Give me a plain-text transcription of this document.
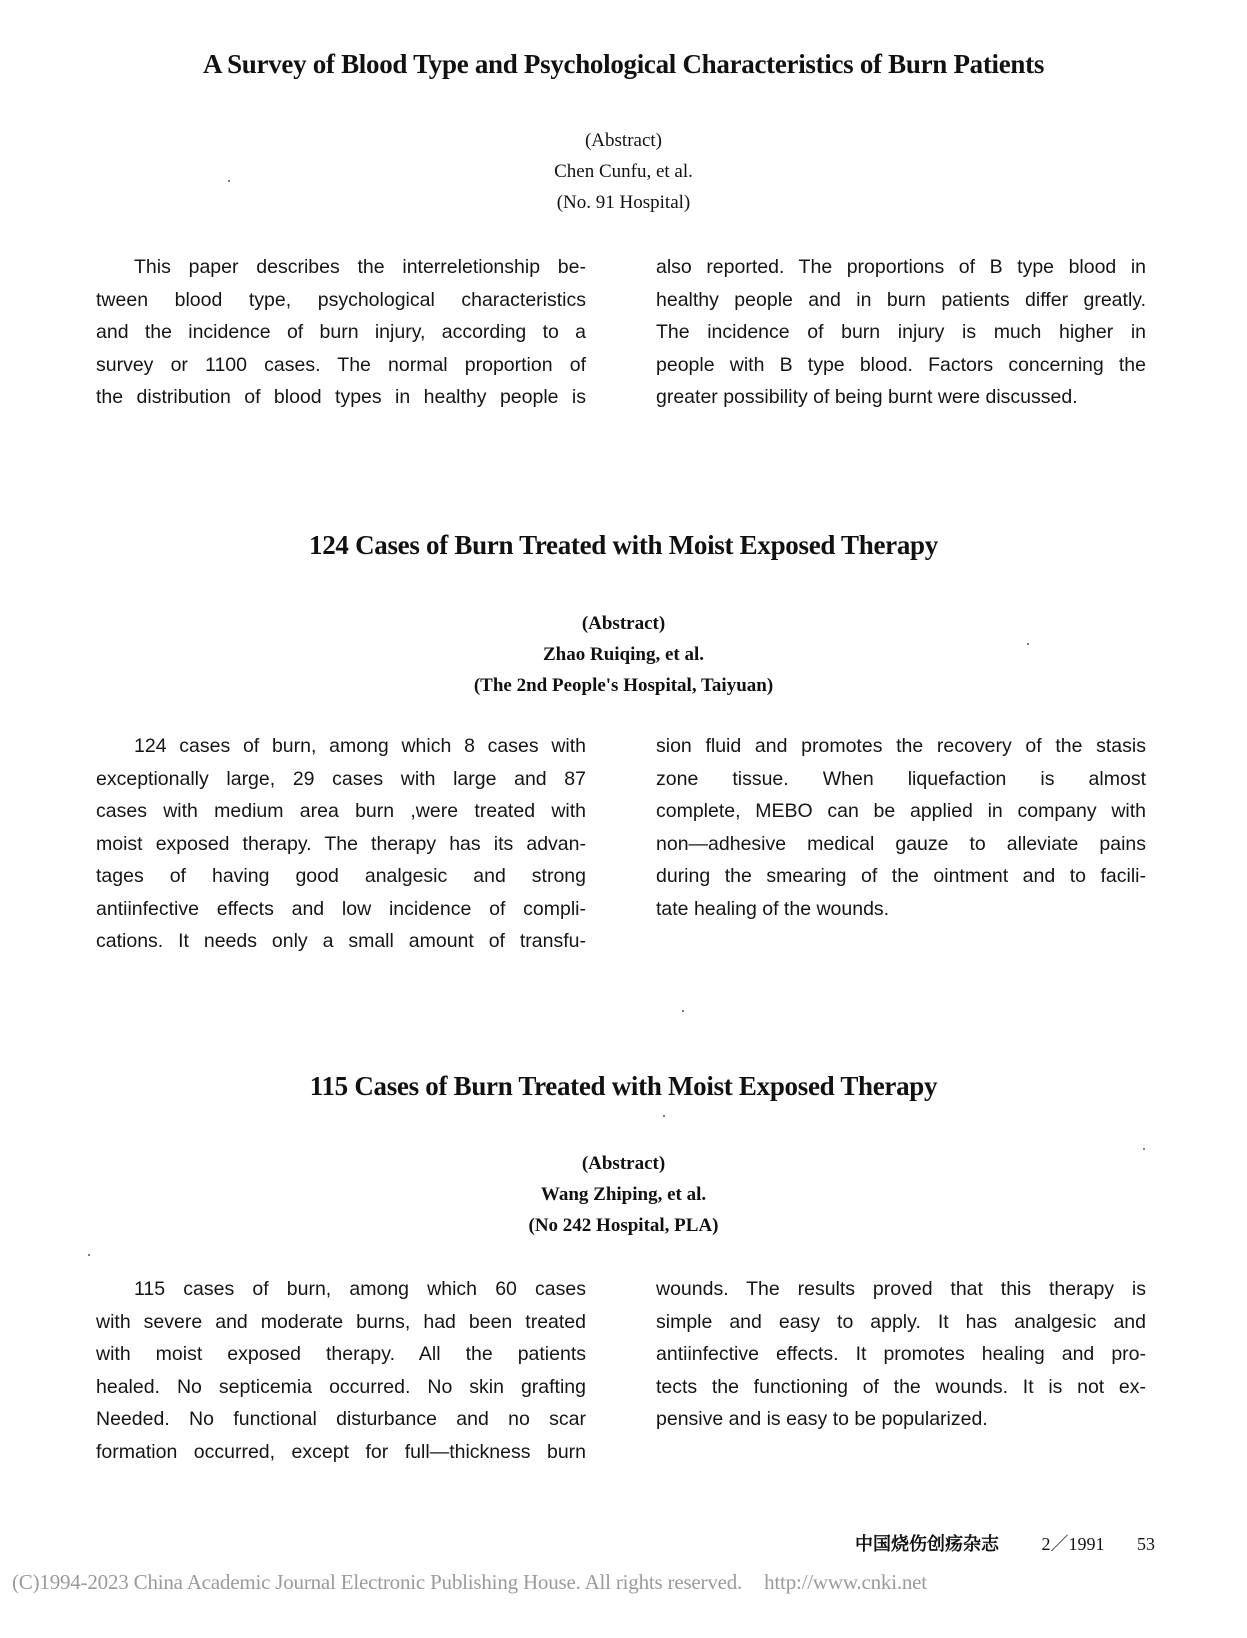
A Survey of Blood Type and Psychological Characteristics of Burn Patients
(Abstract)
Chen Cunfu, et al.
(No. 91 Hospital)
This paper describes the interreletionship be-
tween blood type, psychological characteristics
and the incidence of burn injury, according to a
survey or 1100 cases. The normal proportion of
the distribution of blood types in healthy people is
also reported. The proportions of B type blood in
healthy people and in burn patients differ greatly.
The incidence of burn injury is much higher in
people with B type blood. Factors concerning the
greater possibility of being burnt were discussed.
124 Cases of Burn Treated with Moist Exposed Therapy
(Abstract)
Zhao Ruiqing, et al.
(The 2nd People's Hospital, Taiyuan)
124 cases of burn, among which 8 cases with
exceptionally large, 29 cases with large and 87
cases with medium area burn ,were treated with
moist exposed therapy. The therapy has its advan-
tages of having good analgesic and strong
antiinfective effects and low incidence of compli-
cations. It needs only a small amount of transfu-
sion fluid and promotes the recovery of the stasis
zone tissue. When liquefaction is almost
complete, MEBO can be applied in company with
non—adhesive medical gauze to alleviate pains
during the smearing of the ointment and to facili-
tate healing of the wounds.
115 Cases of Burn Treated with Moist Exposed Therapy
(Abstract)
Wang Zhiping, et al.
(No 242 Hospital, PLA)
115 cases of burn, among which 60 cases
with severe and moderate burns, had been treated
with moist exposed therapy. All the patients
healed. No septicemia occurred. No skin grafting
Needed. No functional disturbance and no scar
formation occurred, except for full—thickness burn
wounds. The results proved that this therapy is
simple and easy to apply. It has analgesic and
antiinfective effects. It promotes healing and pro-
tects the functioning of the wounds. It is not ex-
pensive and is easy to be popularized.
中国烧伤创疡杂志 2／1991 53
(C)1994-2023 China Academic Journal Electronic Publishing House. All rights reserved. http://www.cnki.net
